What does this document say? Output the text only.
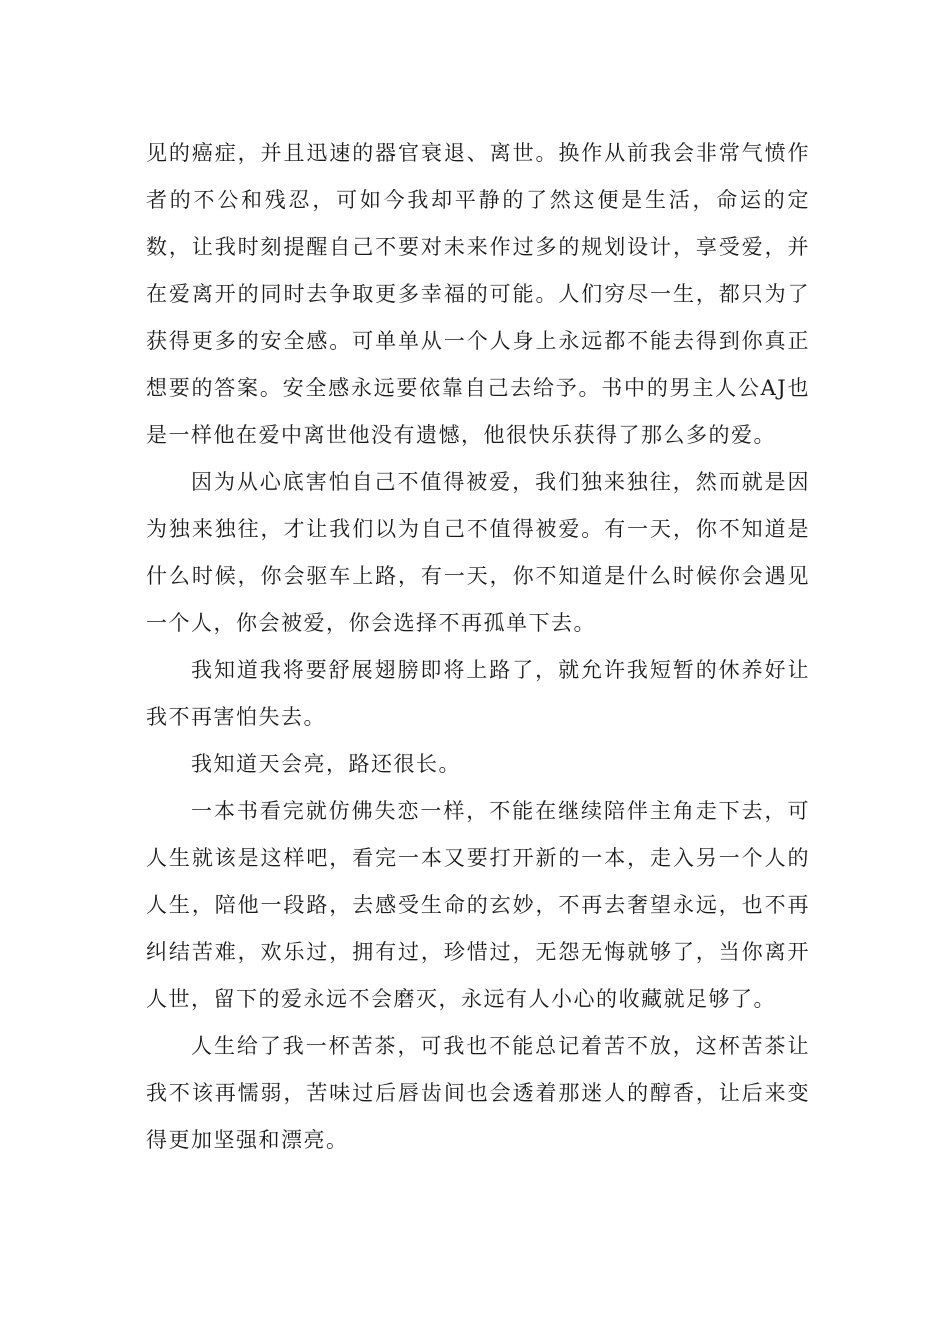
见的癌症，并且迅速的器官衰退、离世。换作从前我会非常气愤作者的不公和残忍，可如今我却平静的了然这便是生活，命运的定数，让我时刻提醒自己不要对未来作过多的规划设计，享受爱，并在爱离开的同时去争取更多幸福的可能。人们穷尽一生，都只为了获得更多的安全感。可单单从一个人身上永远都不能去得到你真正想要的答案。安全感永远要依靠自己去给予。书中的男主人公AJ也是一样他在爱中离世他没有遗憾，他很快乐获得了那么多的爱。

因为从心底害怕自己不值得被爱，我们独来独往，然而就是因为独来独往，才让我们以为自己不值得被爱。有一天，你不知道是什么时候，你会驱车上路，有一天，你不知道是什么时候你会遇见一个人，你会被爱，你会选择不再孤单下去。

我知道我将要舒展翅膀即将上路了，就允许我短暂的休养好让我不再害怕失去。

我知道天会亮，路还很长。

一本书看完就仿佛失恋一样，不能在继续陪伴主角走下去，可人生就该是这样吧，看完一本又要打开新的一本，走入另一个人的人生，陪他一段路，去感受生命的玄妙，不再去奢望永远，也不再纠结苦难，欢乐过，拥有过，珍惜过，无怨无悔就够了，当你离开人世，留下的爱永远不会磨灭，永远有人小心的收藏就足够了。

人生给了我一杯苦茶，可我也不能总记着苦不放，这杯苦茶让我不该再懦弱，苦味过后唇齿间也会透着那迷人的醇香，让后来变得更加坚强和漂亮。
